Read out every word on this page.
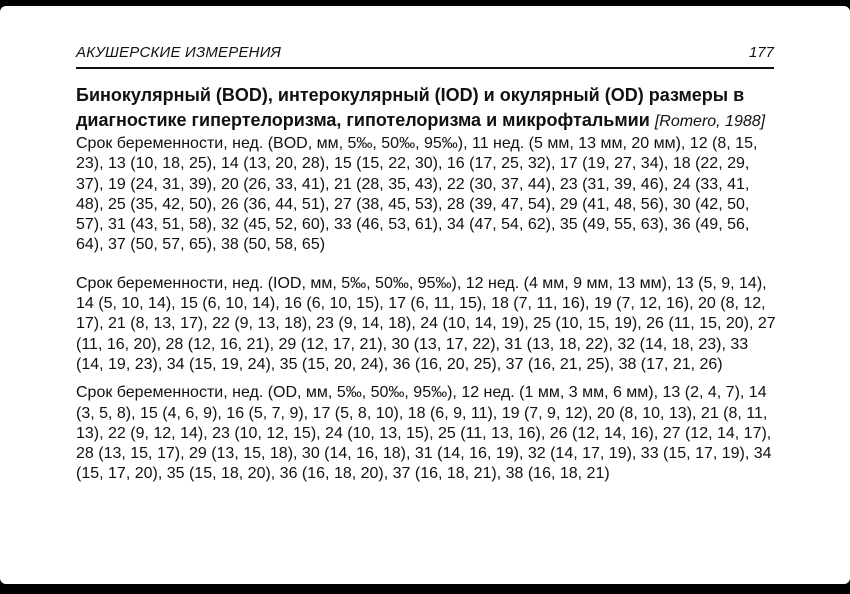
АКУШЕРСКИЕ ИЗМЕРЕНИЯ	177

Бинокулярный (BOD), интерокулярный (IOD) и окулярный (OD) размеры в диагностике гипертелоризма, гипотелоризма и микрофтальмии [Romero, 1988]

Срок беременности, нед. (BOD, мм, 5‰, 50‰, 95‰), 11 нед. (5 мм, 13 мм, 20 мм), 12 (8, 15, 23), 13 (10, 18, 25), 14 (13, 20, 28), 15 (15, 22, 30), 16 (17, 25, 32), 17 (19, 27, 34), 18 (22, 29, 37), 19 (24, 31, 39), 20 (26, 33, 41), 21 (28, 35, 43), 22 (30, 37, 44), 23 (31, 39, 46), 24 (33, 41, 48), 25 (35, 42, 50), 26 (36, 44, 51), 27 (38, 45, 53), 28 (39, 47, 54), 29 (41, 48, 56), 30 (42, 50, 57), 31 (43, 51, 58), 32 (45, 52, 60), 33 (46, 53, 61), 34 (47, 54, 62), 35 (49, 55, 63), 36 (49, 56, 64), 37 (50, 57, 65), 38 (50, 58, 65)

Срок беременности, нед. (IOD, мм, 5‰, 50‰, 95‰), 12 нед. (4 мм, 9 мм, 13 мм), 13 (5, 9, 14), 14 (5, 10, 14), 15 (6, 10, 14), 16 (6, 10, 15), 17 (6, 11, 15), 18 (7, 11, 16), 19 (7, 12, 16), 20 (8, 12, 17), 21 (8, 13, 17), 22 (9, 13, 18), 23 (9, 14, 18), 24 (10, 14, 19), 25 (10, 15, 19), 26 (11, 15, 20), 27 (11, 16, 20), 28 (12, 16, 21), 29 (12, 17, 21), 30 (13, 17, 22), 31 (13, 18, 22), 32 (14, 18, 23), 33 (14, 19, 23), 34 (15, 19, 24), 35 (15, 20, 24), 36 (16, 20, 25), 37 (16, 21, 25), 38 (17, 21, 26)

Срок беременности, нед. (OD, мм, 5‰, 50‰, 95‰), 12 нед. (1 мм, 3 мм, 6 мм), 13 (2, 4, 7), 14 (3, 5, 8), 15 (4, 6, 9), 16 (5, 7, 9), 17 (5, 8, 10), 18 (6, 9, 11), 19 (7, 9, 12), 20 (8, 10, 13), 21 (8, 11, 13), 22 (9, 12, 14), 23 (10, 12, 15), 24 (10, 13, 15), 25 (11, 13, 16), 26 (12, 14, 16), 27 (12, 14, 17), 28 (13, 15, 17), 29 (13, 15, 18), 30 (14, 16, 18), 31 (14, 16, 19), 32 (14, 17, 19), 33 (15, 17, 19), 34 (15, 17, 20), 35 (15, 18, 20), 36 (16, 18, 20), 37 (16, 18, 21), 38 (16, 18, 21)
